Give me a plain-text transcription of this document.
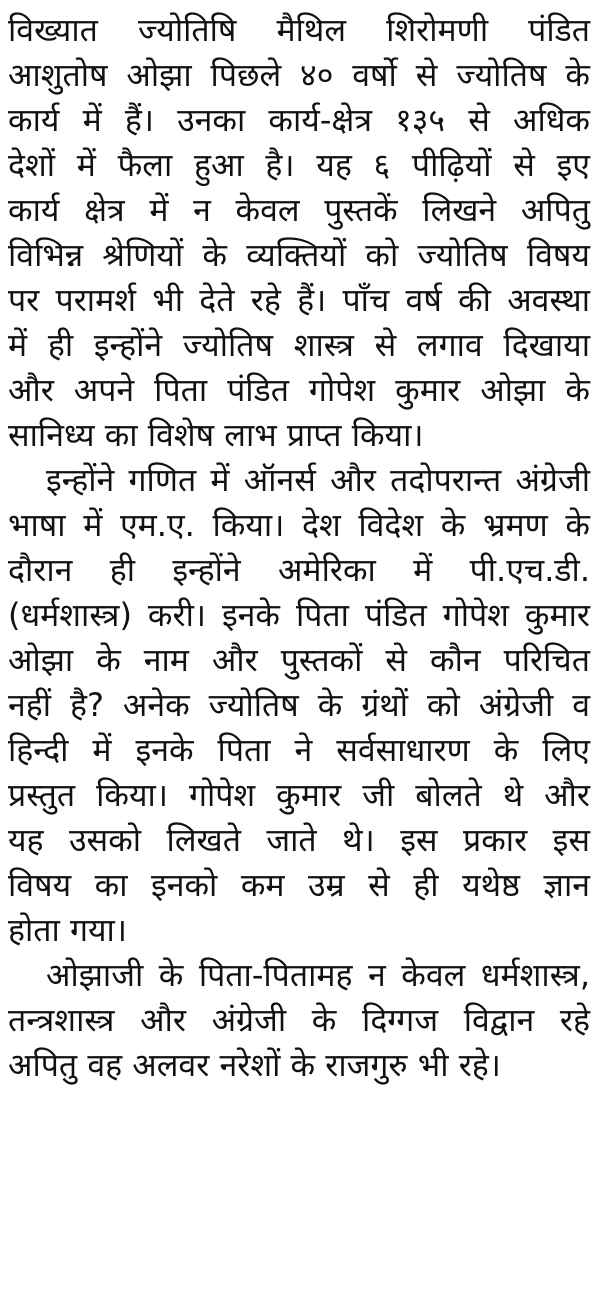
विख्यात ज्योतिषि मैथिल शिरोमणी पंडित
आशुतोष ओझा पिछले ४० वर्षो से ज्योतिष के
कार्य में हैं। उनका कार्य-क्षेत्र १३५ से अधिक
देशों में फैला हुआ है। यह ६ पीढ़ियों से इए
कार्य क्षेत्र में न केवल पुस्तकें लिखने अपितु
विभिन्न श्रेणियों के व्यक्तियों को ज्योतिष विषय
पर परामर्श भी देते रहे हैं। पाँच वर्ष की अवस्था
में ही इन्होंने ज्योतिष शास्त्र से लगाव दिखाया
और अपने पिता पंडित गोपेश कुमार ओझा के
सानिध्य का विशेष लाभ प्राप्त किया।
इन्होंने गणित में ऑनर्स और तदोपरान्त अंग्रेजी
भाषा में एम.ए. किया। देश विदेश के भ्रमण के
दौरान ही इन्होंने अमेरिका में पी.एच.डी.
(धर्मशास्त्र) करी। इनके पिता पंडित गोपेश कुमार
ओझा के नाम और पुस्तकों से कौन परिचित
नहीं है? अनेक ज्योतिष के ग्रंथों को अंग्रेजी व
हिन्दी में इनके पिता ने सर्वसाधारण के लिए
प्रस्तुत किया। गोपेश कुमार जी बोलते थे और
यह उसको लिखते जाते थे। इस प्रकार इस
विषय का इनको कम उम्र से ही यथेष्ठ ज्ञान
होता गया।
ओझाजी के पिता-पितामह न केवल धर्मशास्त्र,
तन्त्रशास्त्र और अंग्रेजी के दिग्गज विद्वान रहे
अपितु वह अलवर नरेशों के राजगुरु भी रहे।
